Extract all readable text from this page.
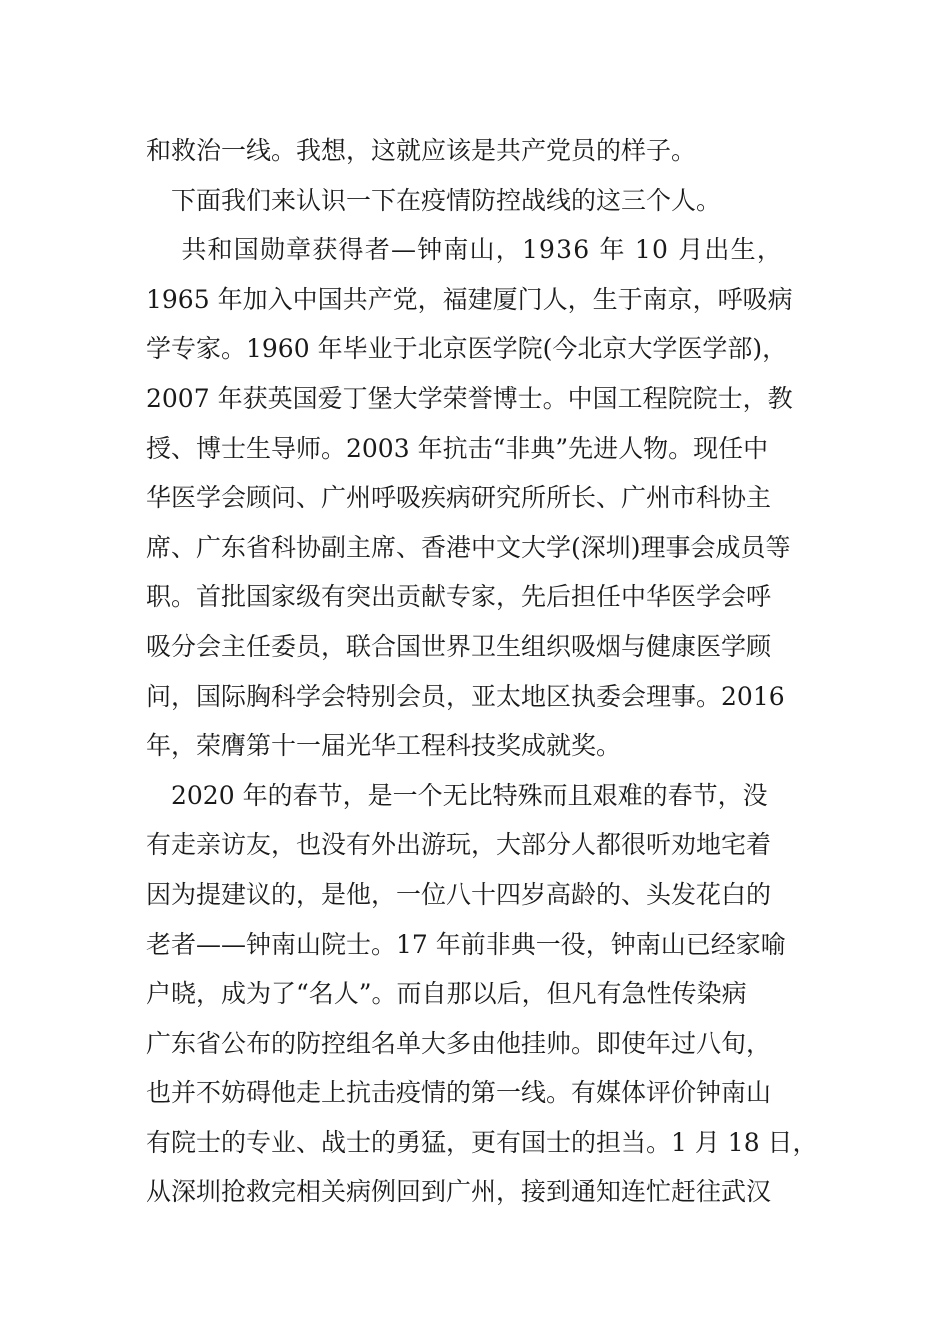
和救治一线。我想，这就应该是共产党员的样子。
　下面我们来认识一下在疫情防控战线的这三个人。
　 共和国勋章获得者—钟南山，1936 年 10 月出生，
1965 年加入中国共产党，福建厦门人，生于南京，呼吸病
学专家。1960 年毕业于北京医学院(今北京大学医学部)，
2007 年获英国爱丁堡大学荣誉博士。中国工程院院士，教
授、博士生导师。2003 年抗击“非典”先进人物。现任中
华医学会顾问、广州呼吸疾病研究所所长、广州市科协主
席、广东省科协副主席、香港中文大学(深圳)理事会成员等
职。首批国家级有突出贡献专家，先后担任中华医学会呼
吸分会主任委员，联合国世界卫生组织吸烟与健康医学顾
问，国际胸科学会特别会员，亚太地区执委会理事。2016
年，荣膺第十一届光华工程科技奖成就奖。
　2020 年的春节，是一个无比特殊而且艰难的春节，没
有走亲访友，也没有外出游玩，大部分人都很听劝地宅着
因为提建议的，是他，一位八十四岁高龄的、头发花白的
老者——钟南山院士。17 年前非典一役，钟南山已经家喻
户晓，成为了“名人”。而自那以后，但凡有急性传染病
广东省公布的防控组名单大多由他挂帅。即使年过八旬，
也并不妨碍他走上抗击疫情的第一线。有媒体评价钟南山
有院士的专业、战士的勇猛，更有国士的担当。1 月 18 日，
从深圳抢救完相关病例回到广州，接到通知连忙赶往武汉
